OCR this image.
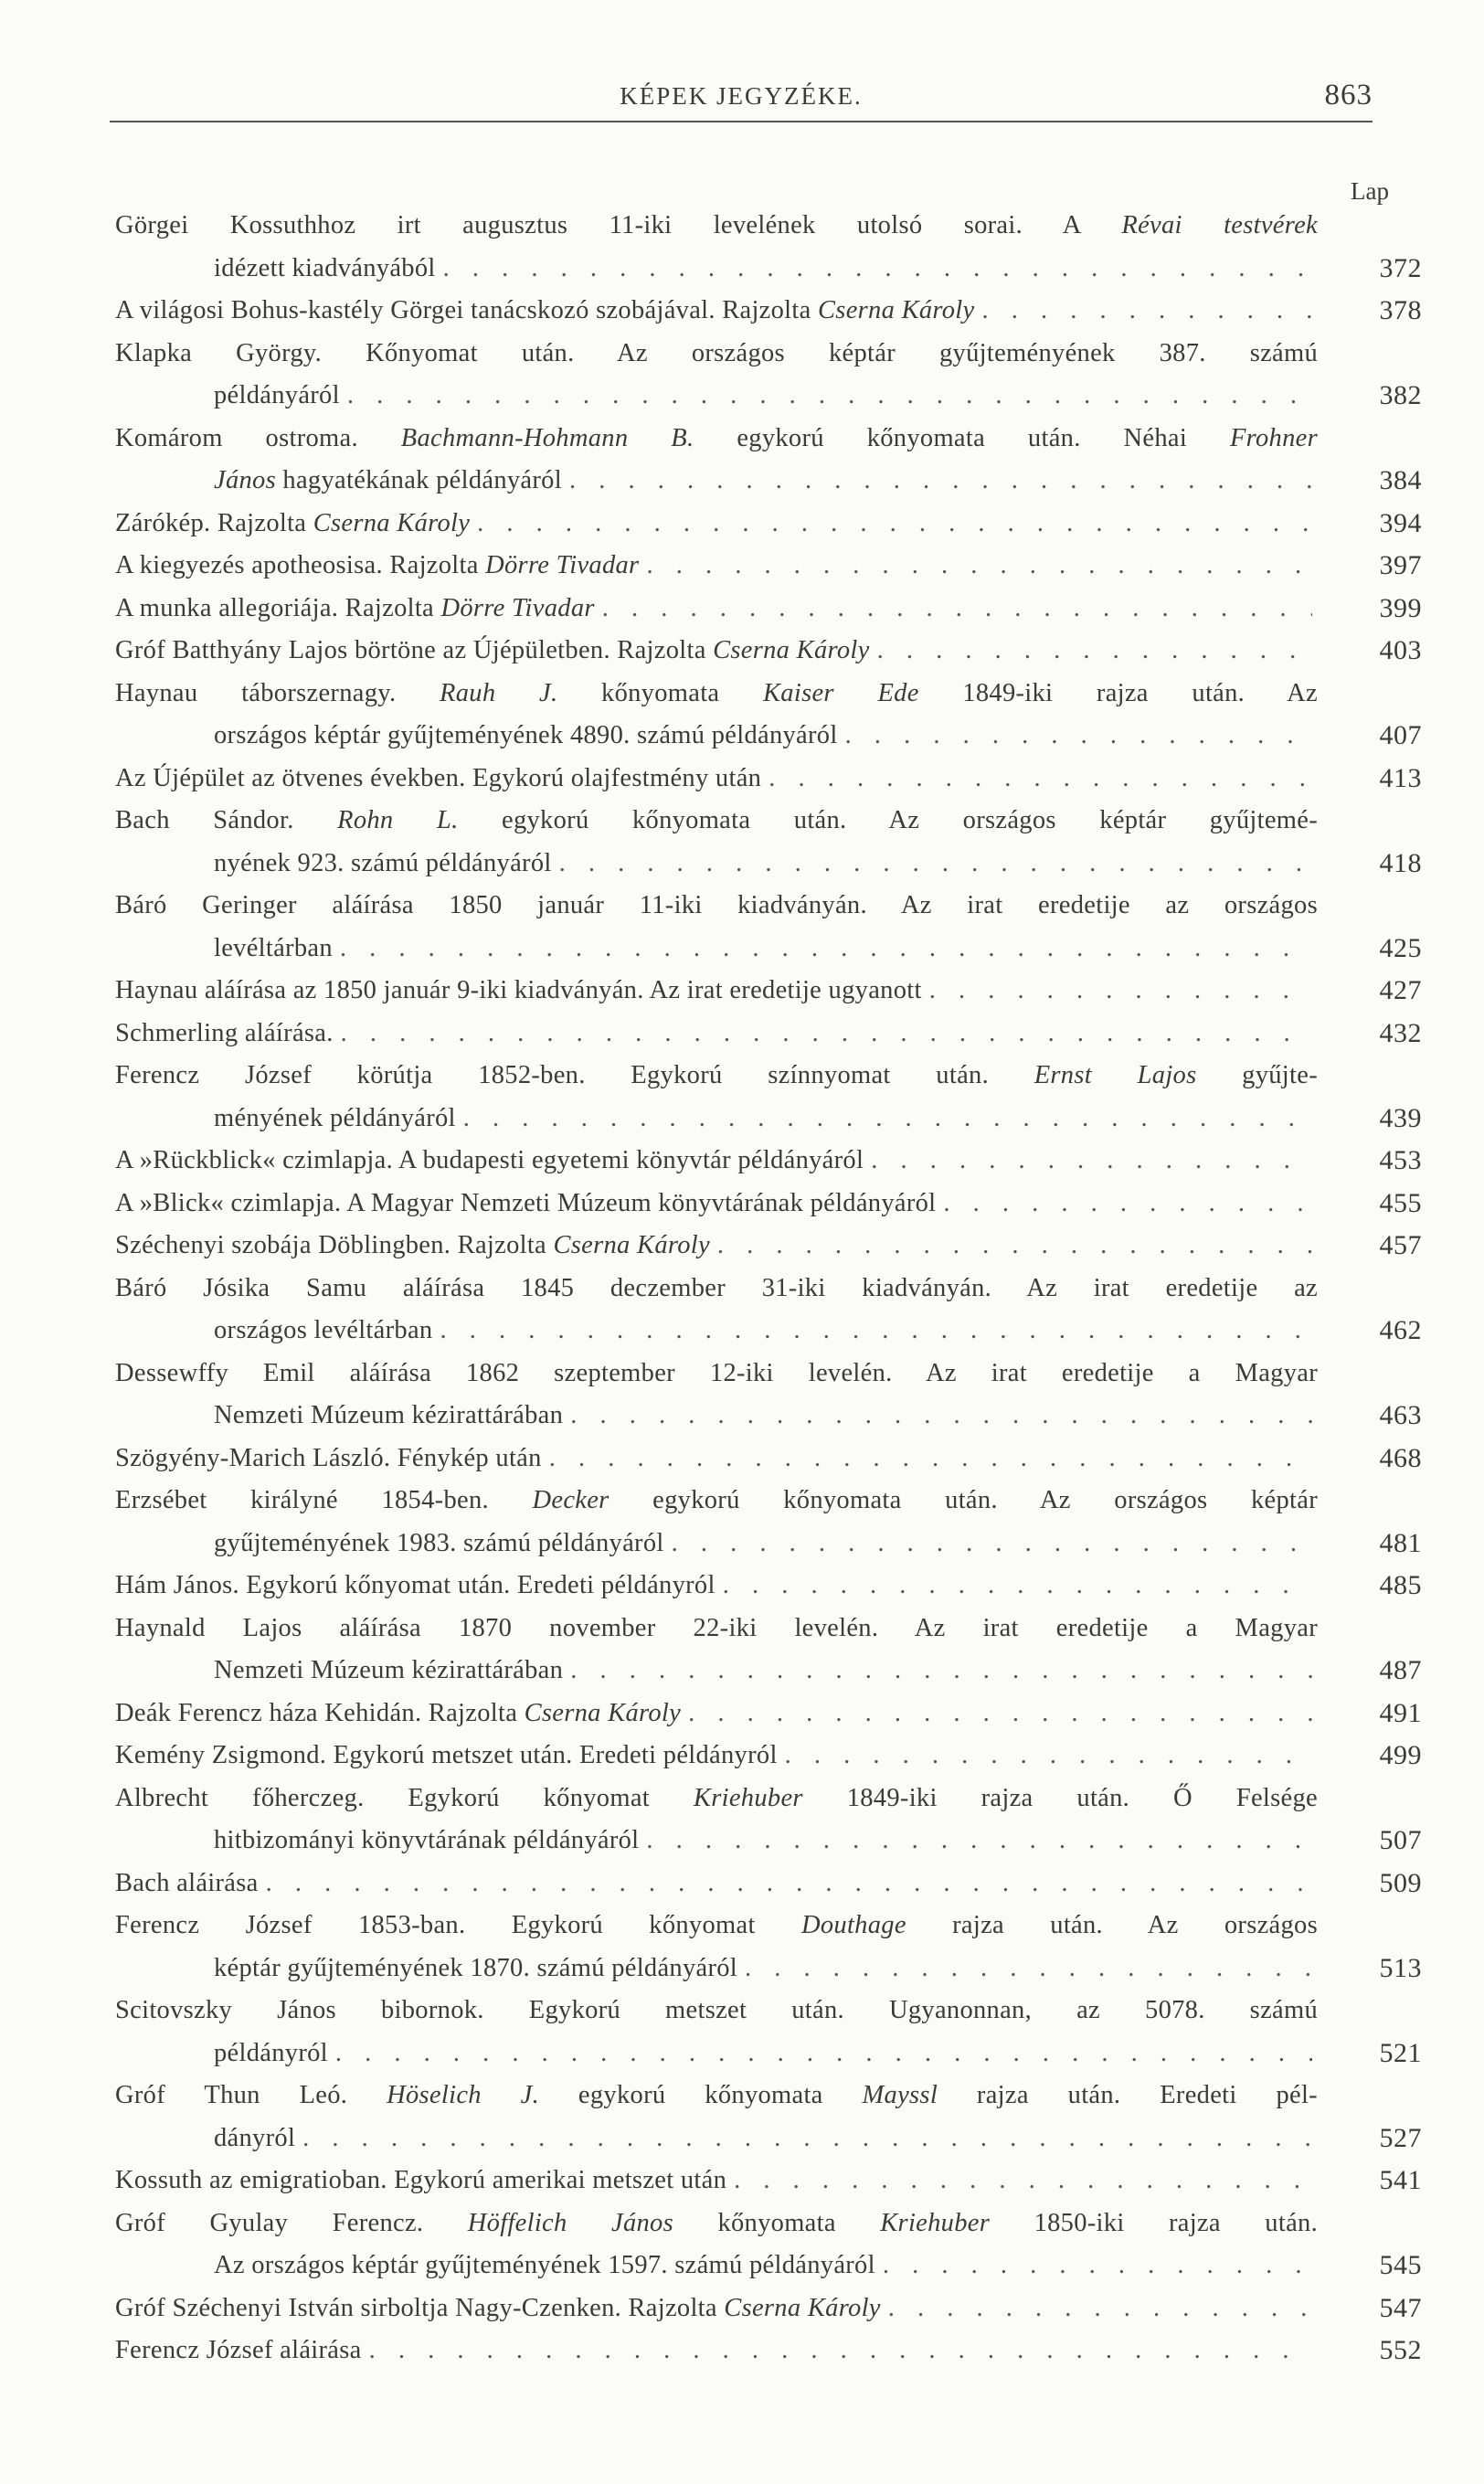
KÉPEK JEGYZÉKE.	863
Lap
Görgei Kossuthhoz irt augusztus 11-iki levelének utolsó sorai. A Révai testvérek
idézett kiadványából . . .	372
A világosi Bohus-kastély Görgei tanácskozó szobájával. Rajzolta Cserna Károly . . .	378
Klapka György. Kőnyomat után. Az országos képtár gyűjteményének 387. számú
példányáról . . .	382
Komárom ostroma. Bachmann-Hohmann B. egykorú kőnyomata után. Néhai Frohner
János hagyatékának példányáról . . .	384
Zárókép. Rajzolta Cserna Károly . . .	394
A kiegyezés apotheosisa. Rajzolta Dörre Tivadar . . .	397
A munka allegoriája. Rajzolta Dörre Tivadar . . .	399
Gróf Batthyány Lajos börtöne az Újépületben. Rajzolta Cserna Károly . . .	403
Haynau táborszernagy. Rauh J. kőnyomata Kaiser Ede 1849-iki rajza után. Az
országos képtár gyűjteményének 4890. számú példányáról . . .	407
Az Újépület az ötvenes években. Egykorú olajfestmény után . . .	413
Bach Sándor. Rohn L. egykorú kőnyomata után. Az országos képtár gyűjtemé-
nyének 923. számú példányáról . . .	418
Báró Geringer aláírása 1850 január 11-iki kiadványán. Az irat eredetije az országos
levéltárban . . .	425
Haynau aláírása az 1850 január 9-iki kiadványán. Az irat eredetije ugyanott . . .	427
Schmerling aláírása. . . .	432
Ferencz József körútja 1852-ben. Egykorú színnyomat után. Ernst Lajos gyűjte-
ményének példányáról . . .	439
A »Rückblick« czimlapja. A budapesti egyetemi könyvtár példányáról . . .	453
A »Blick« czimlapja. A Magyar Nemzeti Múzeum könyvtárának példányáról . . .	455
Széchenyi szobája Döblingben. Rajzolta Cserna Károly . . .	457
Báró Jósika Samu aláírása 1845 deczember 31-iki kiadványán. Az irat eredetije az
országos levéltárban . . .	462
Dessewffy Emil aláírása 1862 szeptember 12-iki levelén. Az irat eredetije a Magyar
Nemzeti Múzeum kézirattárában . . .	463
Szögyény-Marich László. Fénykép után . . .	468
Erzsébet királyné 1854-ben. Decker egykorú kőnyomata után. Az országos képtár
gyűjteményének 1983. számú példányáról . . .	481
Hám János. Egykorú kőnyomat után. Eredeti példányról . . .	485
Haynald Lajos aláírása 1870 november 22-iki levelén. Az irat eredetije a Magyar
Nemzeti Múzeum kézirattárában . . .	487
Deák Ferencz háza Kehidán. Rajzolta Cserna Károly . . .	491
Kemény Zsigmond. Egykorú metszet után. Eredeti példányról . . .	499
Albrecht főherczeg. Egykorú kőnyomat Kriehuber 1849-iki rajza után. Ő Felsége
hitbizományi könyvtárának példányáról . . .	507
Bach aláirása . . .	509
Ferencz József 1853-ban. Egykorú kőnyomat Douthage rajza után. Az országos
képtár gyűjteményének 1870. számú példányáról . . .	513
Scitovszky János bibornok. Egykorú metszet után. Ugyanonnan, az 5078. számú
példányról . . .	521
Gróf Thun Leó. Höselich J. egykorú kőnyomata Mayssl rajza után. Eredeti pél-
dányról . . .	527
Kossuth az emigratioban. Egykorú amerikai metszet után . . .	541
Gróf Gyulay Ferencz. Höffelich János kőnyomata Kriehuber 1850-iki rajza után.
Az országos képtár gyűjteményének 1597. számú példányáról . . .	545
Gróf Széchenyi István sirboltja Nagy-Czenken. Rajzolta Cserna Károly . . .	547
Ferencz József aláirása . . .	552
